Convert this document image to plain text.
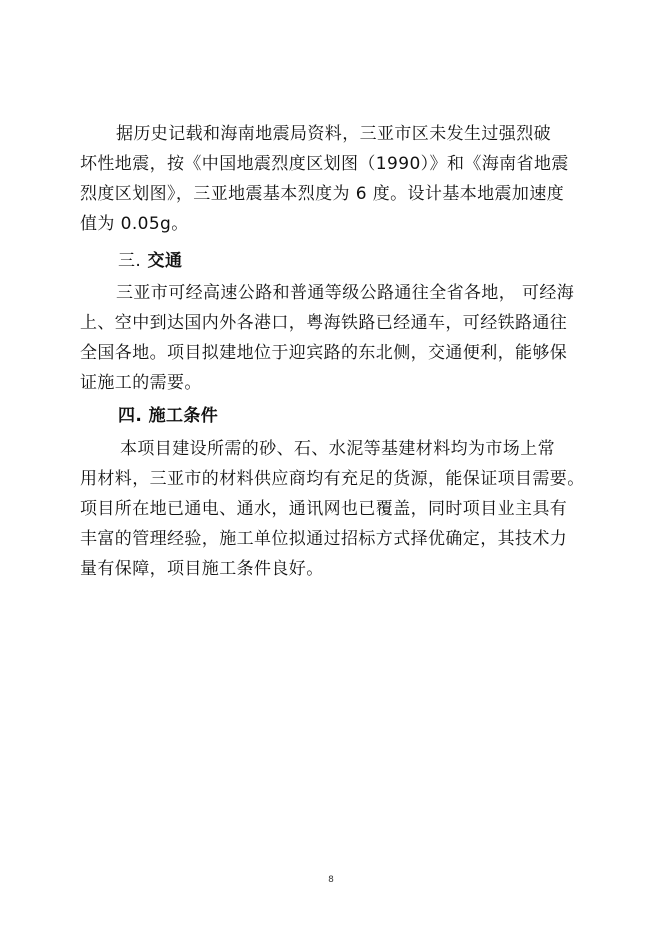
据历史记载和海南地震局资料，三亚市区未发生过强烈破
坏性地震，按《中国地震烈度区划图（1990）》和《海南省地震
烈度区划图》，三亚地震基本烈度为 6 度。设计基本地震加速度
值为 0.05g。
三. 交通
三亚市可经高速公路和普通等级公路通往全省各地， 可经海
上、空中到达国内外各港口，粤海铁路已经通车，可经铁路通往
全国各地。项目拟建地位于迎宾路的东北侧，交通便利，能够保
证施工的需要。
四. 施工条件
本项目建设所需的砂、石、水泥等基建材料均为市场上常
用材料，三亚市的材料供应商均有充足的货源，能保证项目需要。
项目所在地已通电、通水，通讯网也已覆盖，同时项目业主具有
丰富的管理经验，施工单位拟通过招标方式择优确定，其技术力
量有保障，项目施工条件良好。
8
